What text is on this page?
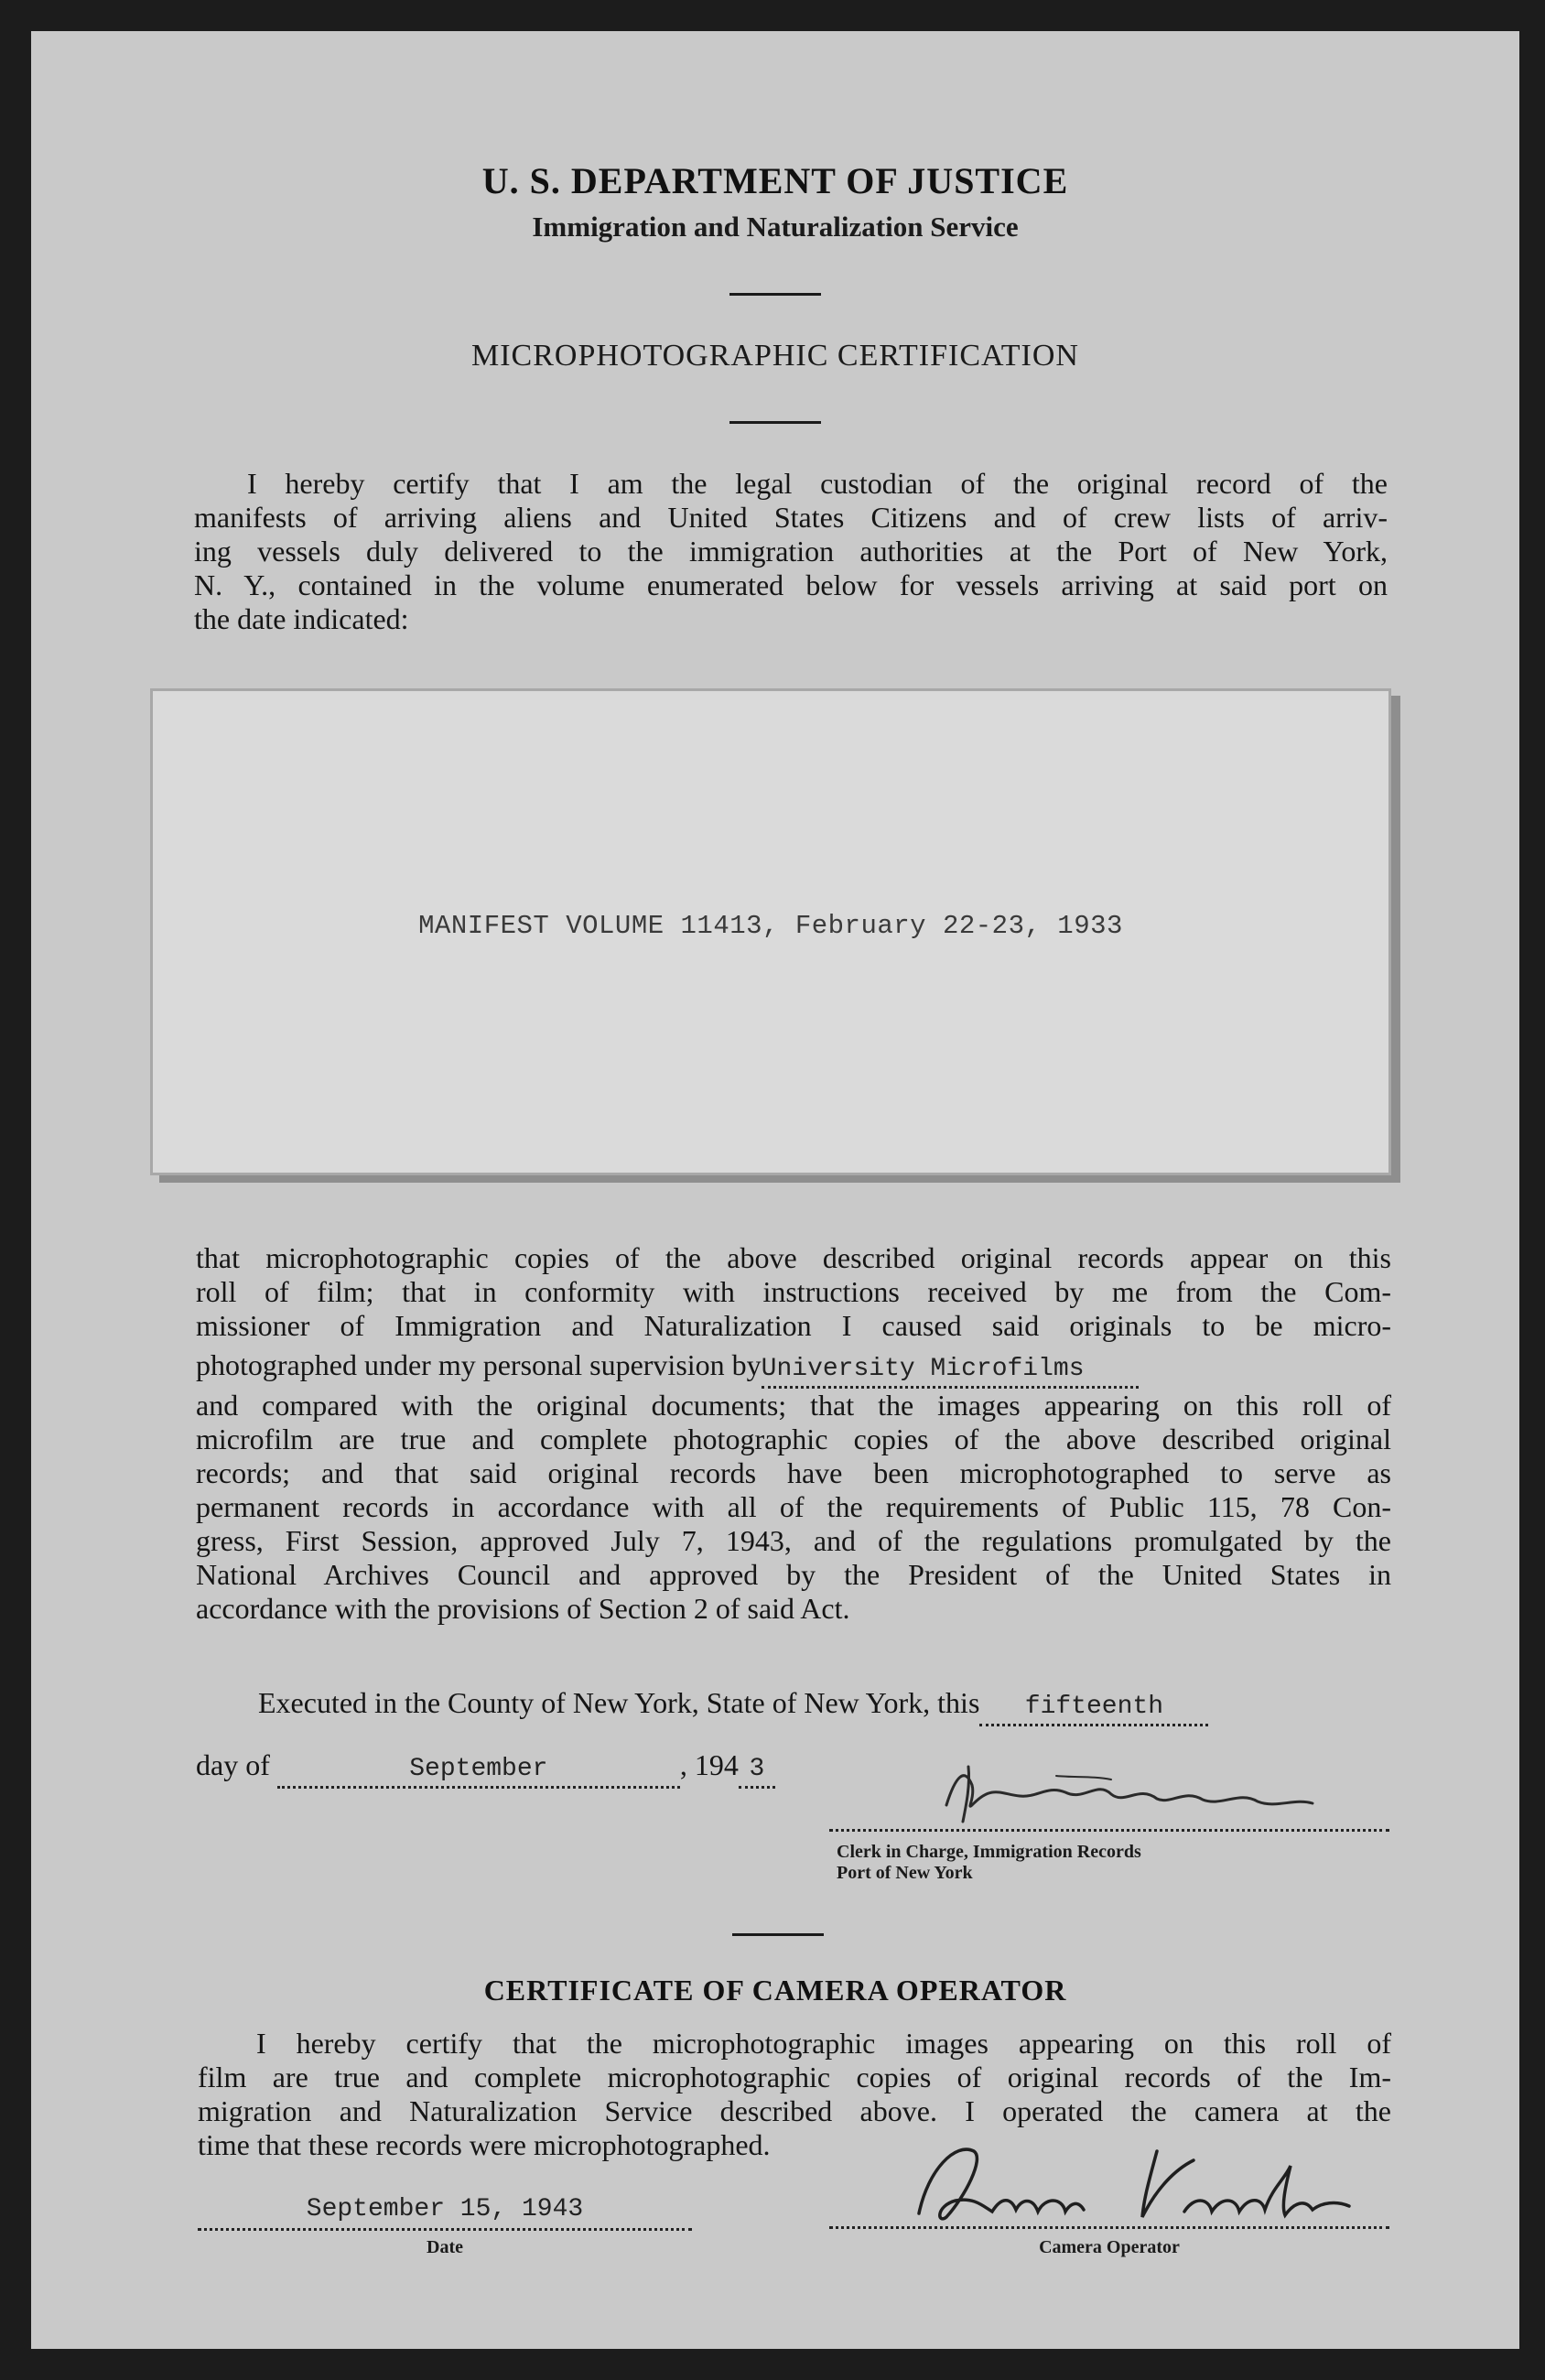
U. S. DEPARTMENT OF JUSTICE
Immigration and Naturalization Service
MICROPHOTOGRAPHIC CERTIFICATION
I hereby certify that I am the legal custodian of the original record of the
manifests of arriving aliens and United States Citizens and of crew lists of arriv-
ing vessels duly delivered to the immigration authorities at the Port of New York,
N. Y., contained in the volume enumerated below for vessels arriving at said port on
the date indicated:
MANIFEST VOLUME 11413, February 22-23, 1933
that microphotographic copies of the above described original records appear on this
roll of film; that in conformity with instructions received by me from the Com-
missioner of Immigration and Naturalization I caused said originals to be micro-
photographed under my personal supervision byUniversity Microfilms
and compared with the original documents; that the images appearing on this roll of
microfilm are true and complete photographic copies of the above described original
records; and that said original records have been microphotographed to serve as
permanent records in accordance with all of the requirements of Public 115, 78 Con-
gress, First Session, approved July 7, 1943, and of the regulations promulgated by the
National Archives Council and approved by the President of the United States in
accordance with the provisions of Section 2 of said Act.
Executed in the County of New York, State of New York, this fifteenth
day of	September	, 194 3
Clerk in Charge, Immigration Records
Port of New York
CERTIFICATE OF CAMERA OPERATOR
I hereby certify that the microphotographic images appearing on this roll of
film are true and complete microphotographic copies of original records of the Im-
migration and Naturalization Service described above. I operated the camera at the
time that these records were microphotographed.
September 15, 1943
Date	Camera Operator
